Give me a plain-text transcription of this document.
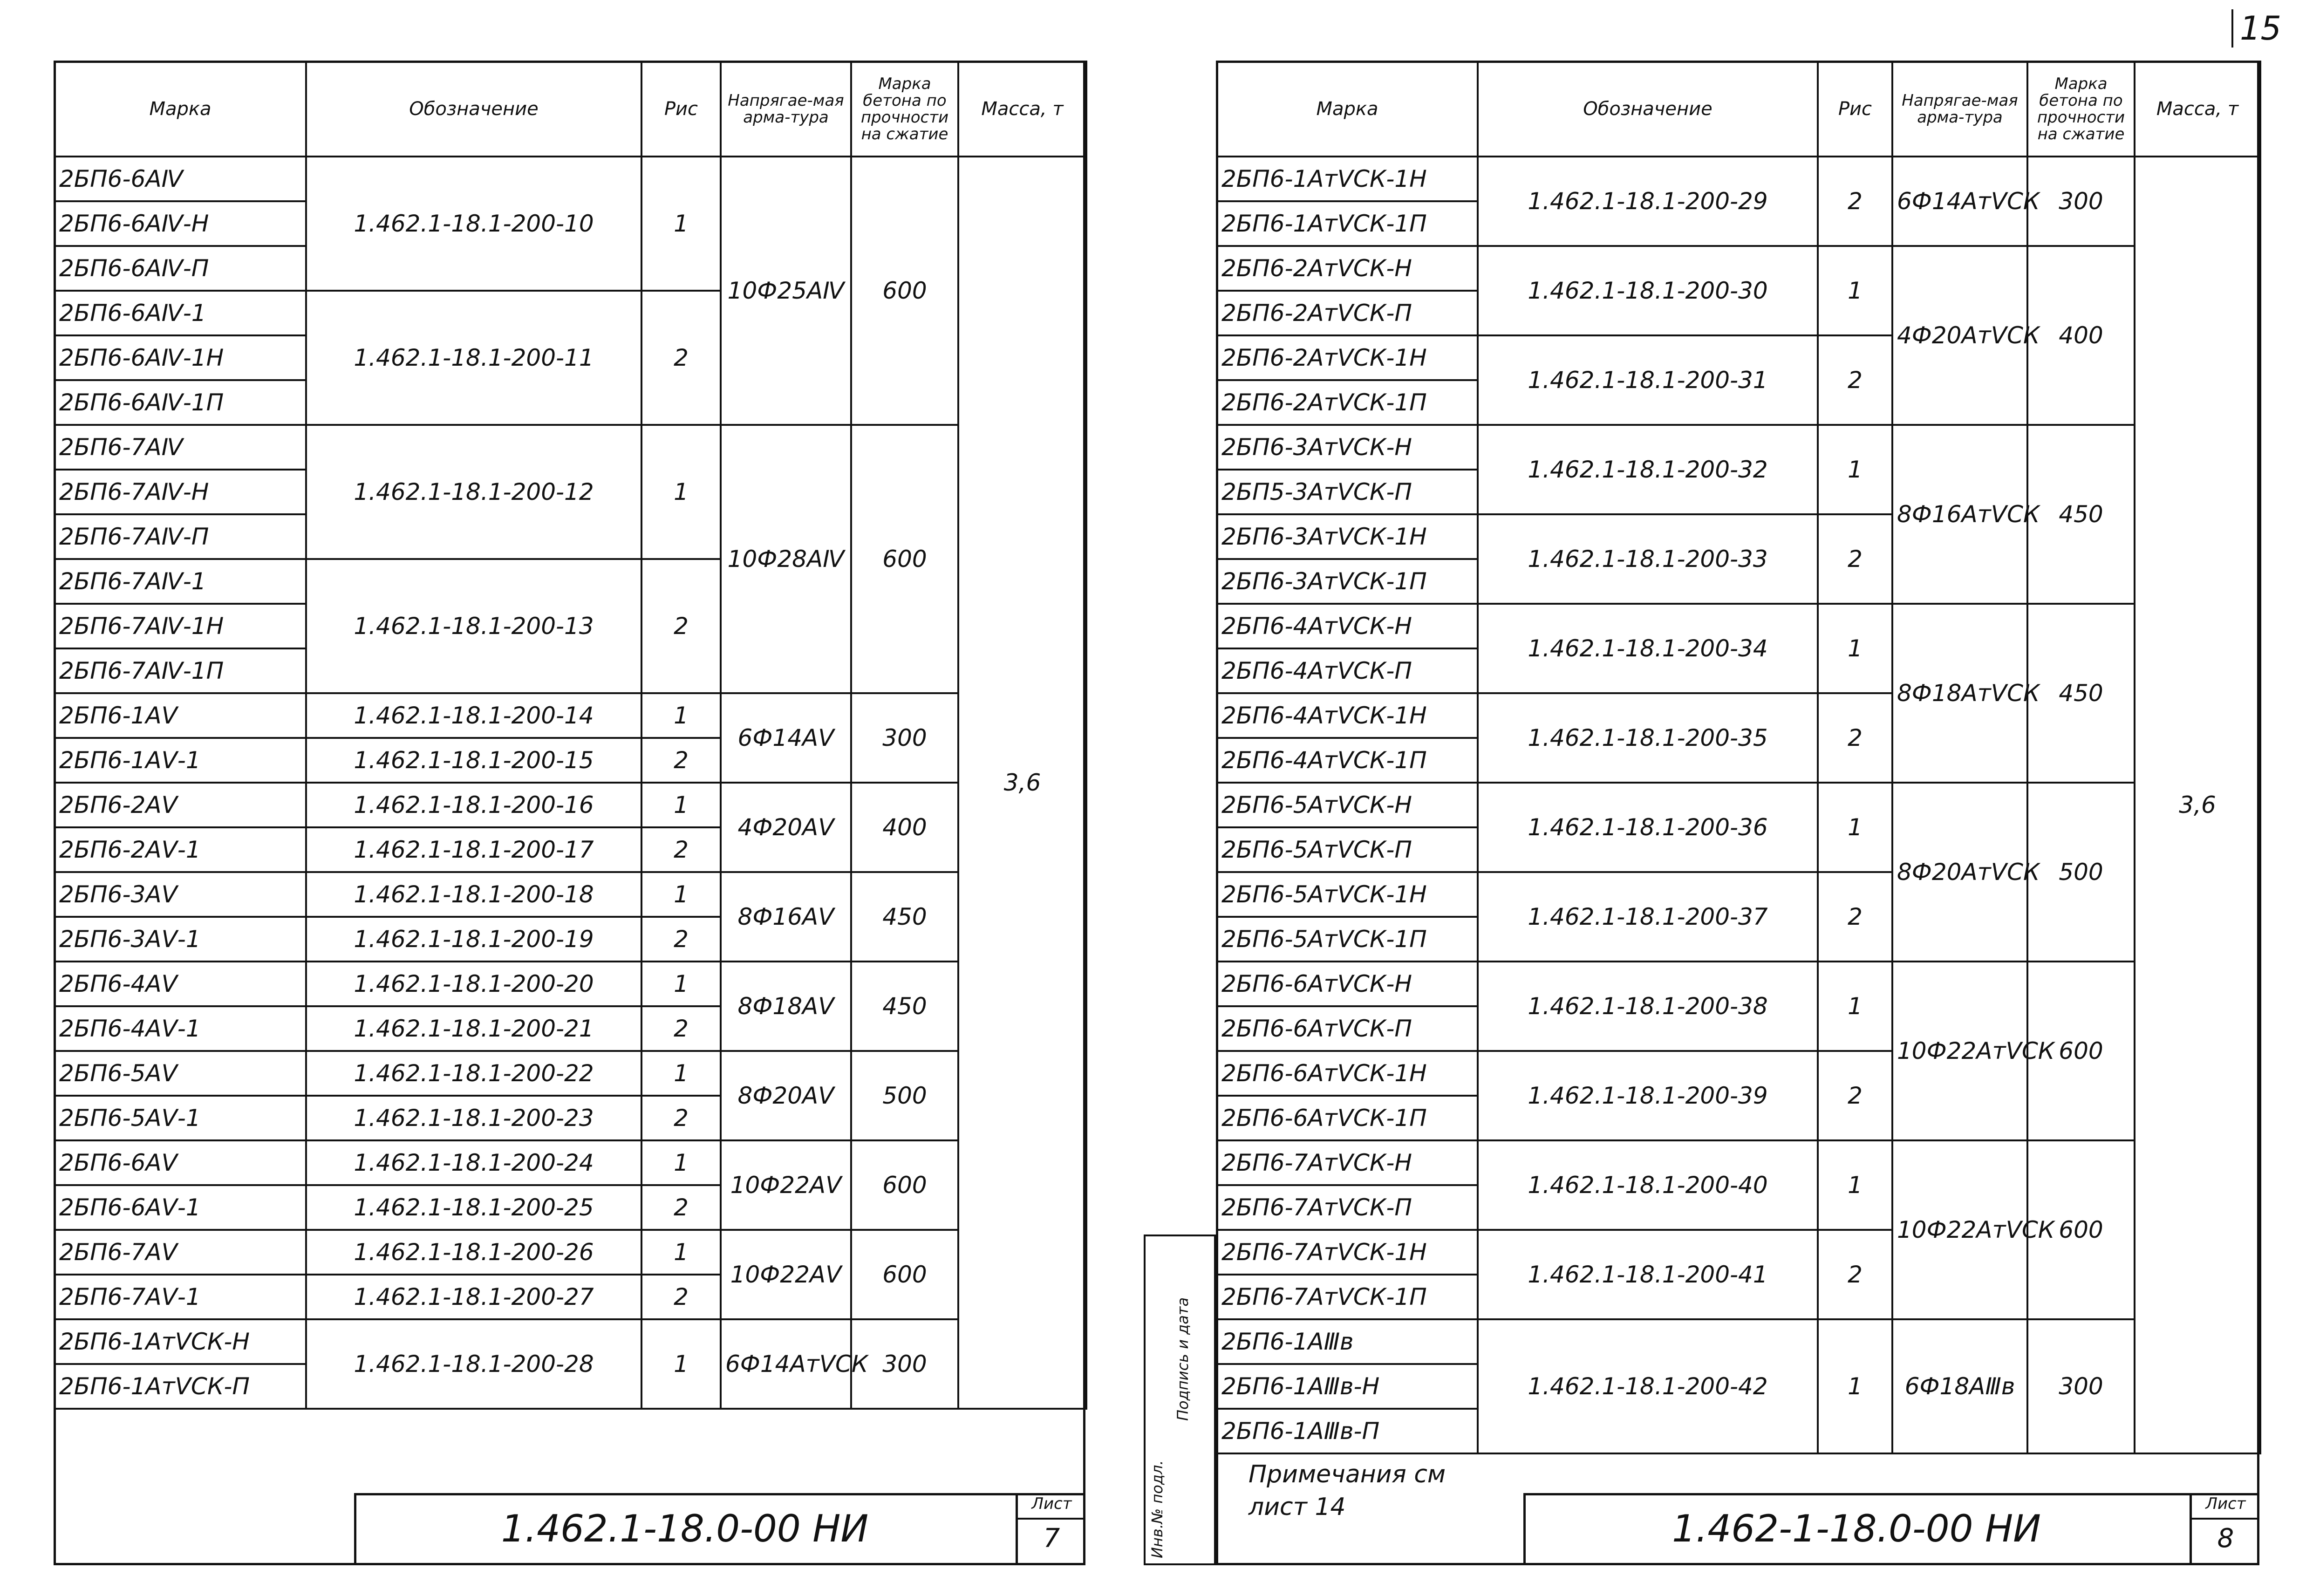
15
Марка	Обозначение	Рис	Напрягае-мая арма-тура	Марка бетона по прочности на сжатие	Масса, т
2БП6-6АⅣ	1.462.1-18.1-200-10	1	10Ф25АⅣ	600	3,6
2БП6-6АⅣ-Н					
2БП6-6АⅣ-П					
2БП6-6АⅣ-1	1.462.1-18.1-200-11	2			
2БП6-6АⅣ-1Н					
2БП6-6АⅣ-1П					
2БП6-7АⅣ	1.462.1-18.1-200-12	1	10Ф28АⅣ	600	
2БП6-7АⅣ-Н					
2БП6-7АⅣ-П					
2БП6-7АⅣ-1	1.462.1-18.1-200-13	2			
2БП6-7АⅣ-1Н					
2БП6-7АⅣ-1П					
2БП6-1АⅤ	1.462.1-18.1-200-14	1	6Ф14АⅤ	300	
2БП6-1АⅤ-1	1.462.1-18.1-200-15	2			
2БП6-2АⅤ	1.462.1-18.1-200-16	1	4Ф20АⅤ	400	
2БП6-2АⅤ-1	1.462.1-18.1-200-17	2			
2БП6-3АⅤ	1.462.1-18.1-200-18	1	8Ф16АⅤ	450	
2БП6-3АⅤ-1	1.462.1-18.1-200-19	2			
2БП6-4АⅤ	1.462.1-18.1-200-20	1	8Ф18АⅤ	450	
2БП6-4АⅤ-1	1.462.1-18.1-200-21	2			
2БП6-5АⅤ	1.462.1-18.1-200-22	1	8Ф20АⅤ	500	
2БП6-5АⅤ-1	1.462.1-18.1-200-23	2			
2БП6-6АⅤ	1.462.1-18.1-200-24	1	10Ф22АⅤ	600	
2БП6-6АⅤ-1	1.462.1-18.1-200-25	2			
2БП6-7АⅤ	1.462.1-18.1-200-26	1	10Ф22АⅤ	600	
2БП6-7АⅤ-1	1.462.1-18.1-200-27	2			
2БП6-1АтⅤСК-Н	1.462.1-18.1-200-28	1	6Ф14АтⅤСК	300	
2БП6-1АтⅤСК-П					
1.462.1-18.0-00 НИ
Лист
7	Инв.№ подл.
Подпись и дата
Марка	Обозначение	Рис	Напрягае-мая арма-тура	Марка бетона по прочности на сжатие	Масса, т
2БП6-1АтⅤСК-1Н	1.462.1-18.1-200-29	2	6Ф14АтⅤСК	300	3,6
2БП6-1АтⅤСК-1П					
2БП6-2АтⅤСК-Н	1.462.1-18.1-200-30	1	4Ф20АтⅤСК	400	
2БП6-2АтⅤСК-П					
2БП6-2АтⅤСК-1Н	1.462.1-18.1-200-31	2			
2БП6-2АтⅤСК-1П					
2БП6-3АтⅤСК-Н	1.462.1-18.1-200-32	1	8Ф16АтⅤСК	450	
2БП5-3АтⅤСК-П					
2БП6-3АтⅤСК-1Н	1.462.1-18.1-200-33	2			
2БП6-3АтⅤСК-1П					
2БП6-4АтⅤСК-Н	1.462.1-18.1-200-34	1	8Ф18АтⅤСК	450	
2БП6-4АтⅤСК-П					
2БП6-4АтⅤСК-1Н	1.462.1-18.1-200-35	2			
2БП6-4АтⅤСК-1П					
2БП6-5АтⅤСК-Н	1.462.1-18.1-200-36	1	8Ф20АтⅤСК	500	
2БП6-5АтⅤСК-П					
2БП6-5АтⅤСК-1Н	1.462.1-18.1-200-37	2			
2БП6-5АтⅤСК-1П					
2БП6-6АтⅤСК-Н	1.462.1-18.1-200-38	1	10Ф22АтⅤСК	600	
2БП6-6АтⅤСК-П					
2БП6-6АтⅤСК-1Н	1.462.1-18.1-200-39	2			
2БП6-6АтⅤСК-1П					
2БП6-7АтⅤСК-Н	1.462.1-18.1-200-40	1	10Ф22АтⅤСК	600	
2БП6-7АтⅤСК-П					
2БП6-7АтⅤСК-1Н	1.462.1-18.1-200-41	2			
2БП6-7АтⅤСК-1П					
2БП6-1АⅢв	1.462.1-18.1-200-42	1	6Ф18АⅢв	300	
2БП6-1АⅢв-Н					
2БП6-1АⅢв-П					
Примечания см
лист 14	1.462-1-18.0-00 НИ
Лист
8
